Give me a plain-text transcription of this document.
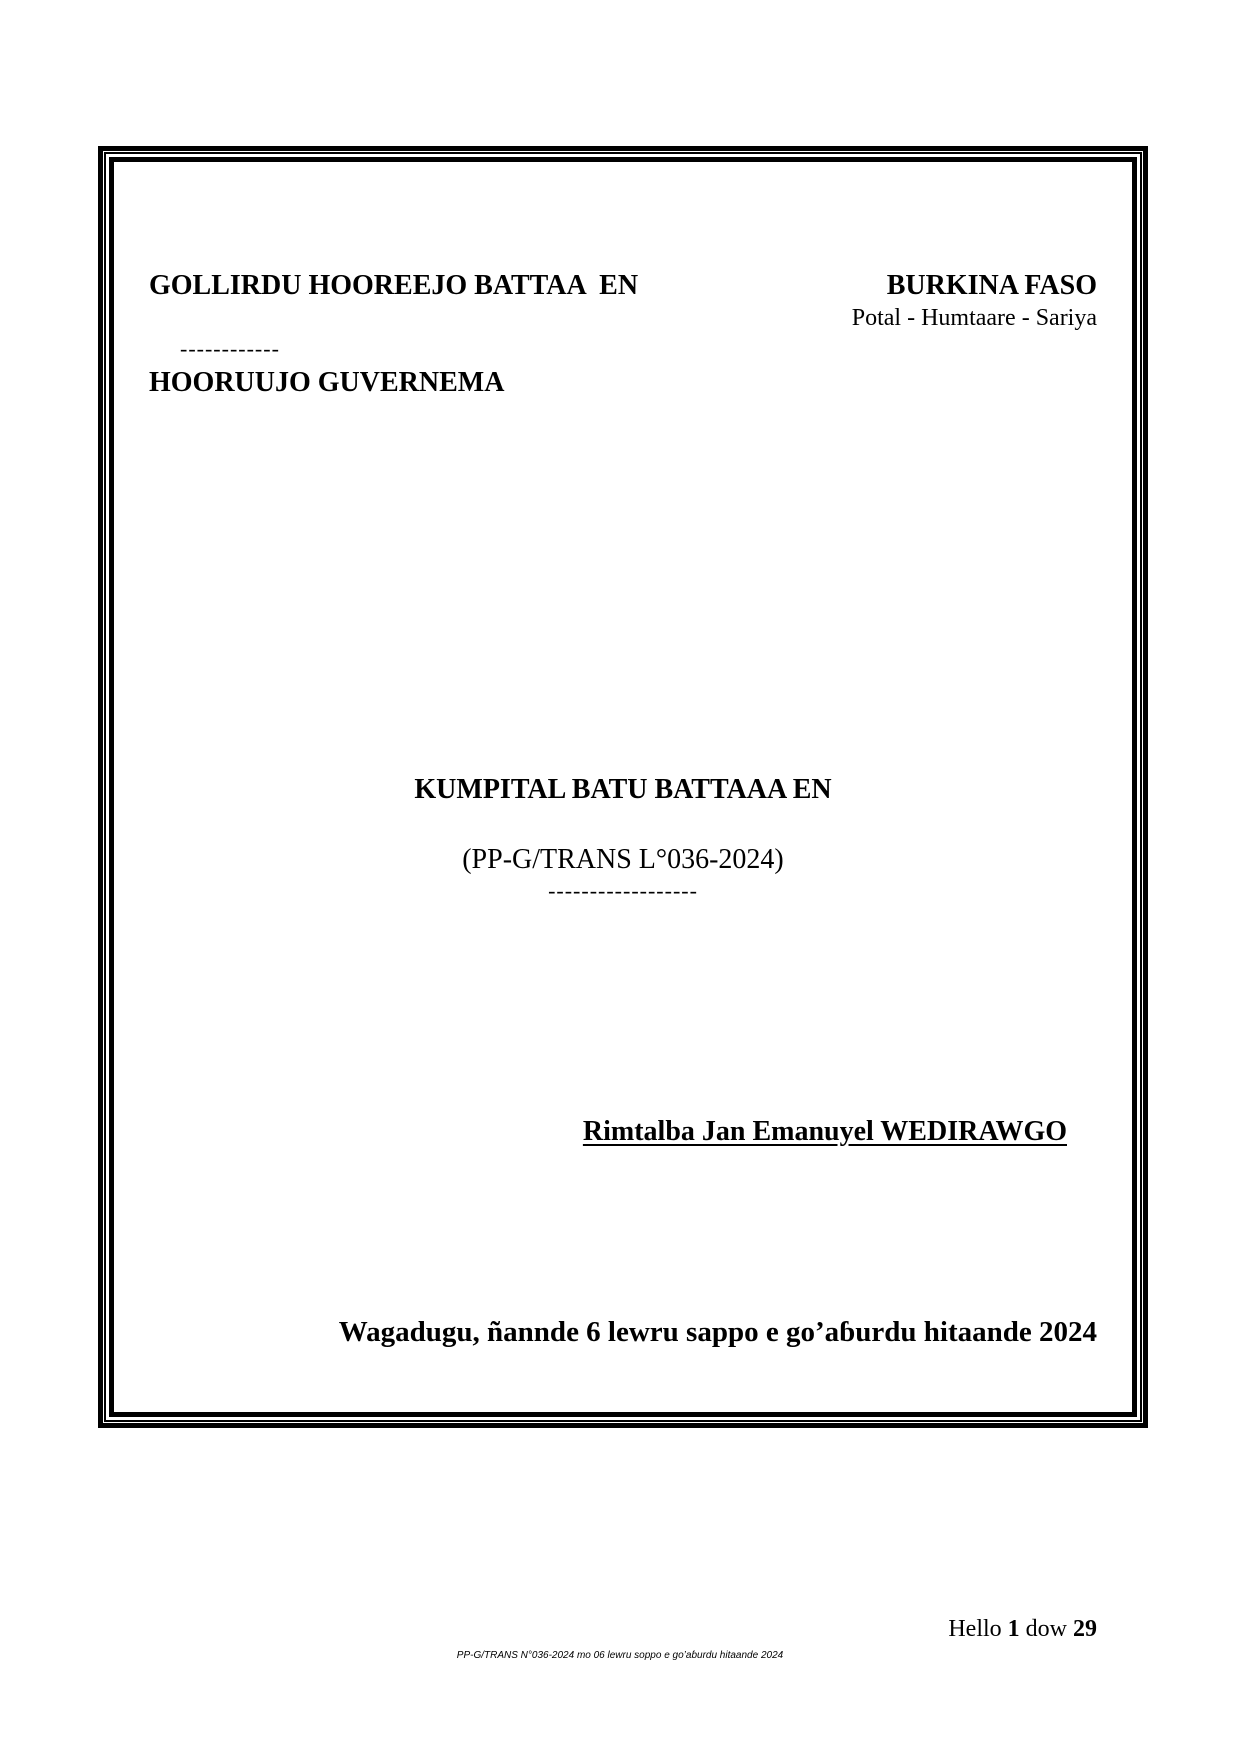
GOLLIRDU HOOREEJO BATTAA  EN
------------
HOORUUJO GUVERNEMA
BURKINA FASO
Potal - Humtaare - Sariya
KUMPITAL BATU BATTAAA EN
(PP-G/TRANS L°036-2024)
------------------
Rimtalba Jan Emanuyel WEDIRAWGO
Wagadugu, ñannde 6 lewru sappo e go’aɓurdu hitaande 2024
Hello 1 dow 29
PP-G/TRANS N°036-2024 mo 06 lewru soppo e go’aɓurdu hitaande 2024
